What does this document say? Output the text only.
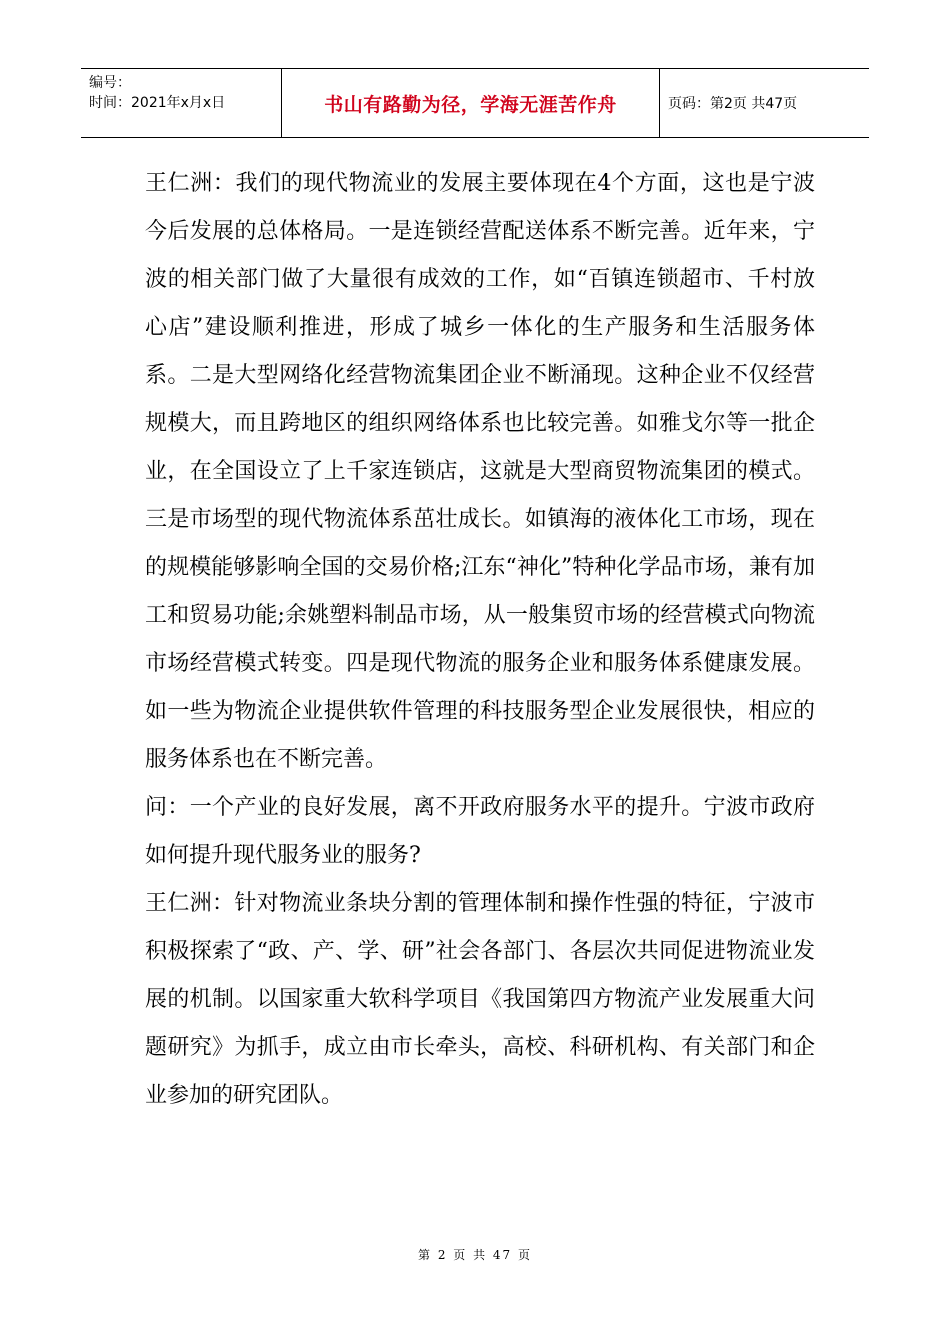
编号：
时间：2021年x月x日	书山有路勤为径，学海无涯苦作舟	页码：第2页 共47页

王仁洲：我们的现代物流业的发展主要体现在4个方面，这也是宁波今后发展的总体格局。一是连锁经营配送体系不断完善。近年来，宁波的相关部门做了大量很有成效的工作，如“百镇连锁超市、千村放心店”建设顺利推进，形成了城乡一体化的生产服务和生活服务体系。二是大型网络化经营物流集团企业不断涌现。这种企业不仅经营规模大，而且跨地区的组织网络体系也比较完善。如雅戈尔等一批企业，在全国设立了上千家连锁店，这就是大型商贸物流集团的模式。三是市场型的现代物流体系茁壮成长。如镇海的液体化工市场，现在的规模能够影响全国的交易价格;江东“神化”特种化学品市场，兼有加工和贸易功能;余姚塑料制品市场，从一般集贸市场的经营模式向物流市场经营模式转变。四是现代物流的服务企业和服务体系健康发展。如一些为物流企业提供软件管理的科技服务型企业发展很快，相应的服务体系也在不断完善。

问：一个产业的良好发展，离不开政府服务水平的提升。宁波市政府如何提升现代服务业的服务?

王仁洲：针对物流业条块分割的管理体制和操作性强的特征，宁波市积极探索了“政、产、学、研”社会各部门、各层次共同促进物流业发展的机制。以国家重大软科学项目《我国第四方物流产业发展重大问题研究》为抓手，成立由市长牵头，高校、科研机构、有关部门和企业参加的研究团队。

第 2 页 共 47 页
